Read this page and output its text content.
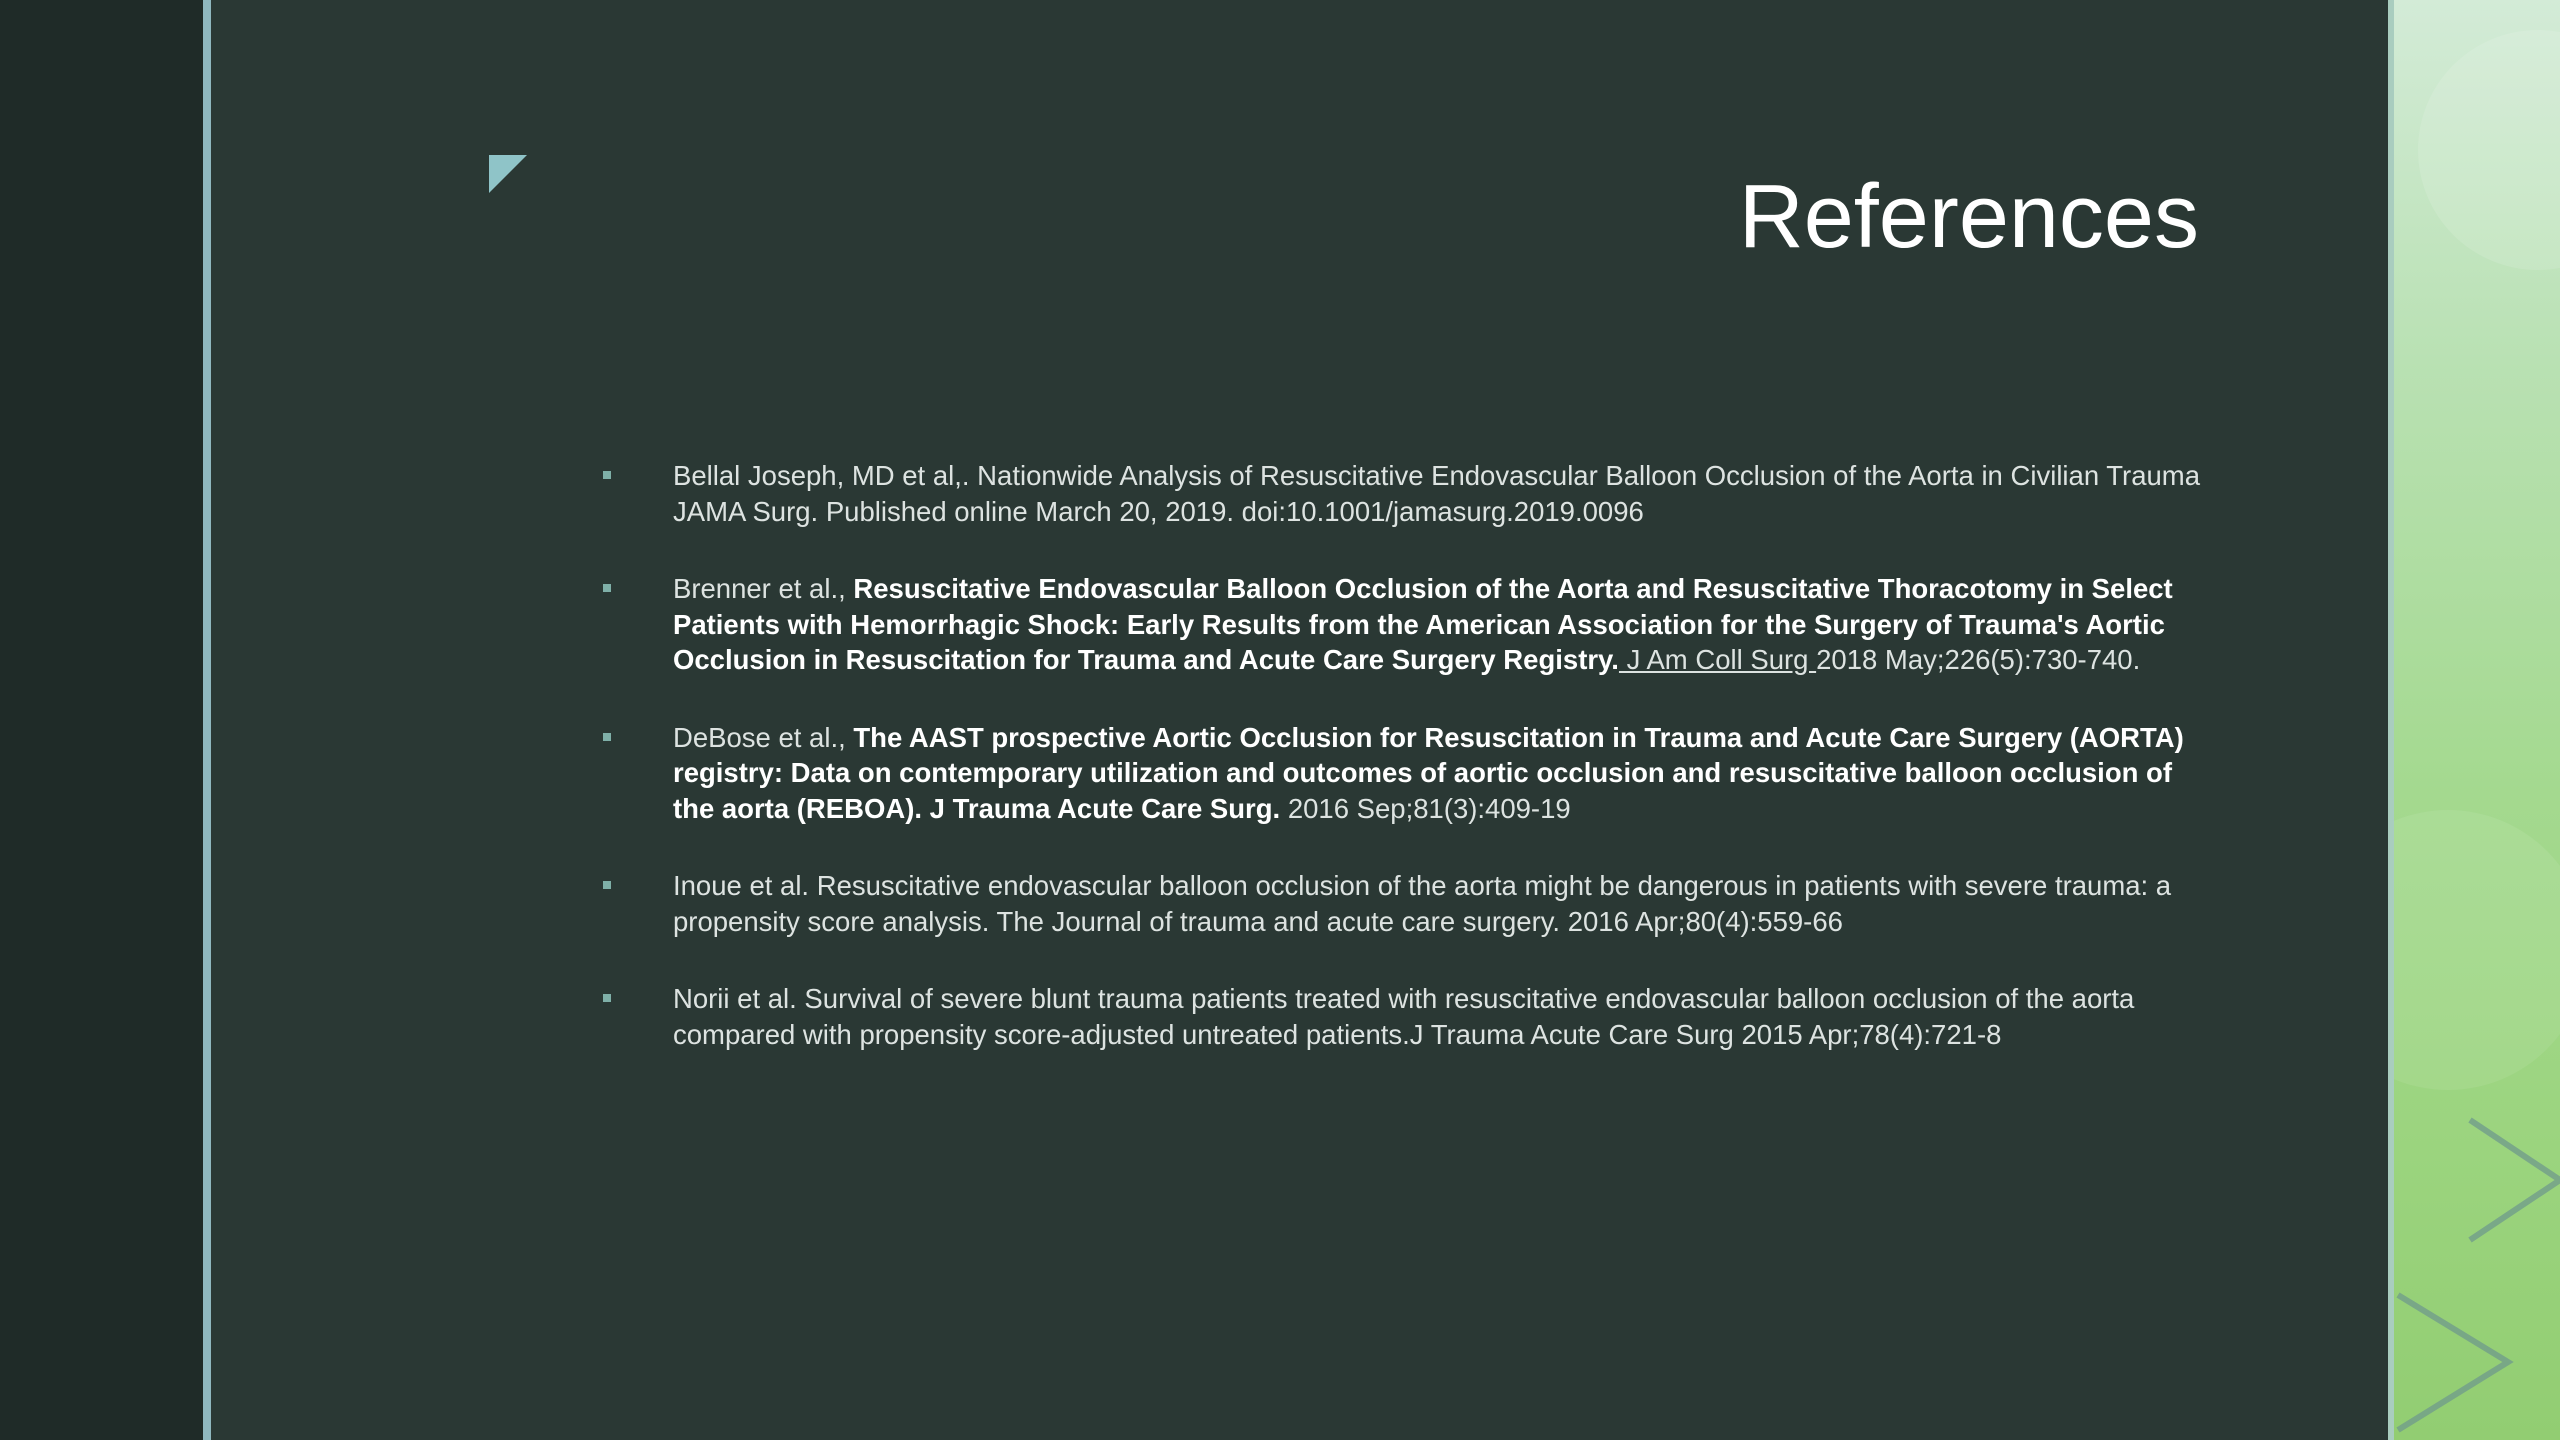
References
Bellal Joseph, MD et al,. Nationwide Analysis of Resuscitative Endovascular Balloon Occlusion of the Aorta in Civilian Trauma JAMA Surg. Published online March 20, 2019. doi:10.1001/jamasurg.2019.0096
Brenner et al., Resuscitative Endovascular Balloon Occlusion of the Aorta and Resuscitative Thoracotomy in Select Patients with Hemorrhagic Shock: Early Results from the American Association for the Surgery of Trauma's Aortic Occlusion in Resuscitation for Trauma and Acute Care Surgery Registry. J Am Coll Surg 2018 May;226(5):730-740.
DeBose et al., The AAST prospective Aortic Occlusion for Resuscitation in Trauma and Acute Care Surgery (AORTA) registry: Data on contemporary utilization and outcomes of aortic occlusion and resuscitative balloon occlusion of the aorta (REBOA). J Trauma Acute Care Surg. 2016 Sep;81(3):409-19
Inoue et al. Resuscitative endovascular balloon occlusion of the aorta might be dangerous in patients with severe trauma: a propensity score analysis. The Journal of trauma and acute care surgery. 2016 Apr;80(4):559-66
Norii et al. Survival of severe blunt trauma patients treated with resuscitative endovascular balloon occlusion of the aorta compared with propensity score-adjusted untreated patients.J Trauma Acute Care Surg 2015 Apr;78(4):721-8
